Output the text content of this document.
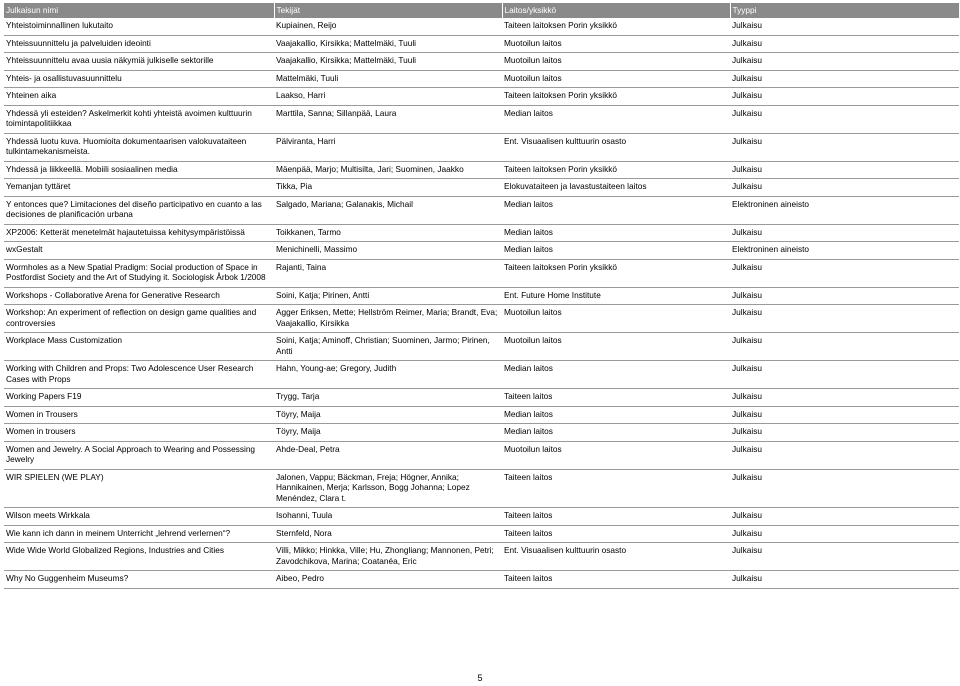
Julkaisun nimi	Tekijät	Laitos/yksikkö	Tyyppi
Yhteistoiminnallinen lukutaito	Kupiainen, Reijo	Taiteen laitoksen Porin yksikkö	Julkaisu
Yhteissuunnittelu ja palveluiden ideointi	Vaajakallio, Kirsikka; Mattelmäki, Tuuli	Muotoilun laitos	Julkaisu
Yhteissuunnittelu avaa uusia näkymiä julkiselle sektorille	Vaajakallio, Kirsikka; Mattelmäki, Tuuli	Muotoilun laitos	Julkaisu
Yhteis- ja osallistuvasuunnittelu	Mattelmäki, Tuuli	Muotoilun laitos	Julkaisu
Yhteinen aika	Laakso, Harri	Taiteen laitoksen Porin yksikkö	Julkaisu
Yhdessä yli esteiden? Askelmerkit kohti yhteistä avoimen kulttuurin toimintapolitiikkaa	Marttila, Sanna; Sillanpää, Laura	Median laitos	Julkaisu
Yhdessä luotu kuva. Huomioita dokumentaarisen valokuvataiteen tulkintamekanismeista.	Pälviranta, Harri	Ent. Visuaalisen kulttuurin osasto	Julkaisu
Yhdessä ja liikkeellä. Mobiili sosiaalinen media	Mäenpää, Marjo; Multisilta, Jari; Suominen, Jaakko	Taiteen laitoksen Porin yksikkö	Julkaisu
Yemanjan tyttäret	Tikka, Pia	Elokuvataiteen ja lavastustaiteen laitos	Julkaisu
Y entonces que? Limitaciones del diseño participativo en cuanto a las decisiones de planificación urbana	Salgado, Mariana; Galanakis, Michail	Median laitos	Elektroninen aineisto
XP2006: Ketterät menetelmät hajautetuissa kehitysympäristöissä	Toikkanen, Tarmo	Median laitos	Julkaisu
wxGestalt	Menichinelli, Massimo	Median laitos	Elektroninen aineisto
Wormholes as a New Spatial Pradigm: Social production of Space in Postfordist Society and the Art of Studying it. Sociologisk Årbok 1/2008	Rajanti, Taina	Taiteen laitoksen Porin yksikkö	Julkaisu
Workshops - Collaborative Arena for Generative Research	Soini, Katja; Pirinen, Antti	Ent. Future Home Institute	Julkaisu
Workshop: An experiment of reflection on design game qualities and controversies	Agger Eriksen, Mette; Hellström Reimer, Maria; Brandt, Eva; Vaajakallio, Kirsikka	Muotoilun laitos	Julkaisu
Workplace Mass Customization	Soini, Katja; Aminoff, Christian; Suominen, Jarmo; Pirinen, Antti	Muotoilun laitos	Julkaisu
Working with Children and Props: Two Adolescence User Research Cases with Props	Hahn, Young-ae; Gregory, Judith	Median laitos	Julkaisu
Working Papers F19	Trygg, Tarja	Taiteen laitos	Julkaisu
Women in Trousers	Töyry, Maija	Median laitos	Julkaisu
Women in trousers	Töyry, Maija	Median laitos	Julkaisu
Women and Jewelry. A Social Approach to Wearing and Possessing Jewelry	Ahde-Deal, Petra	Muotoilun laitos	Julkaisu
WIR SPIELEN (WE PLAY)	Jalonen, Vappu; Bäckman, Freja; Högner, Annika; Hannikainen, Merja; Karlsson, Bogg Johanna; Lopez Menéndez, Clara t.	Taiteen laitos	Julkaisu
Wilson meets Wirkkala	Isohanni, Tuula	Taiteen laitos	Julkaisu
Wie kann ich dann in meinem Unterricht „lehrend verlernen“?	Sternfeld, Nora	Taiteen laitos	Julkaisu
Wide Wide World Globalized Regions, Industries and Cities	Villi, Mikko; Hinkka, Ville; Hu, Zhongliang; Mannonen, Petri; Zavodchikova, Marina; Coatanéa, Eric	Ent. Visuaalisen kulttuurin osasto	Julkaisu
Why No Guggenheim Museums?	Aibeo, Pedro	Taiteen laitos	Julkaisu
5
